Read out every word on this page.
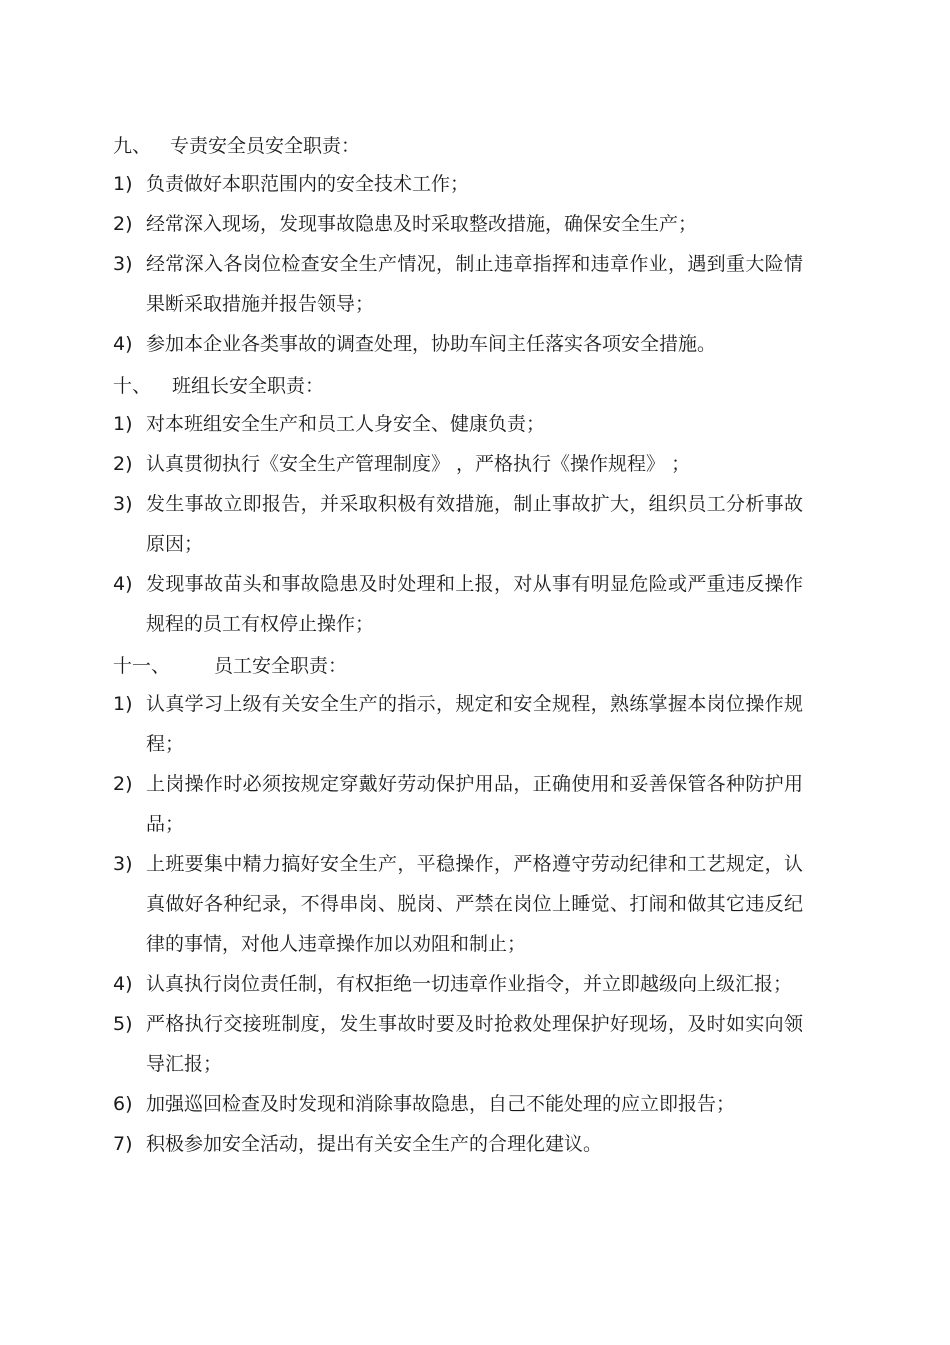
九、 专责安全员安全职责：
1) 负责做好本职范围内的安全技术工作；
2) 经常深入现场，发现事故隐患及时采取整改措施，确保安全生产；
3) 经常深入各岗位检查安全生产情况，制止违章指挥和违章作业，遇到重大险情果断采取措施并报告领导；
4) 参加本企业各类事故的调查处理，协助车间主任落实各项安全措施。
十、	班组长安全职责：
1) 对本班组安全生产和员工人身安全、健康负责；
2) 认真贯彻执行《安全生产管理制度》 ，严格执行《操作规程》 ；
3) 发生事故立即报告，并采取积极有效措施，制止事故扩大，组织员工分析事故原因；
4) 发现事故苗头和事故隐患及时处理和上报，对从事有明显危险或严重违反操作规程的员工有权停止操作；
十一、	员工安全职责：
1) 认真学习上级有关安全生产的指示，规定和安全规程，熟练掌握本岗位操作规程；
2) 上岗操作时必须按规定穿戴好劳动保护用品，正确使用和妥善保管各种防护用品；
3) 上班要集中精力搞好安全生产，平稳操作，严格遵守劳动纪律和工艺规定，认真做好各种纪录，不得串岗、脱岗、严禁在岗位上睡觉、打闹和做其它违反纪律的事情，对他人违章操作加以劝阻和制止；
4) 认真执行岗位责任制，有权拒绝一切违章作业指令，并立即越级向上级汇报；
5) 严格执行交接班制度，发生事故时要及时抢救处理保护好现场，及时如实向领导汇报；
6) 加强巡回检查及时发现和消除事故隐患，自己不能处理的应立即报告；
7) 积极参加安全活动，提出有关安全生产的合理化建议。
